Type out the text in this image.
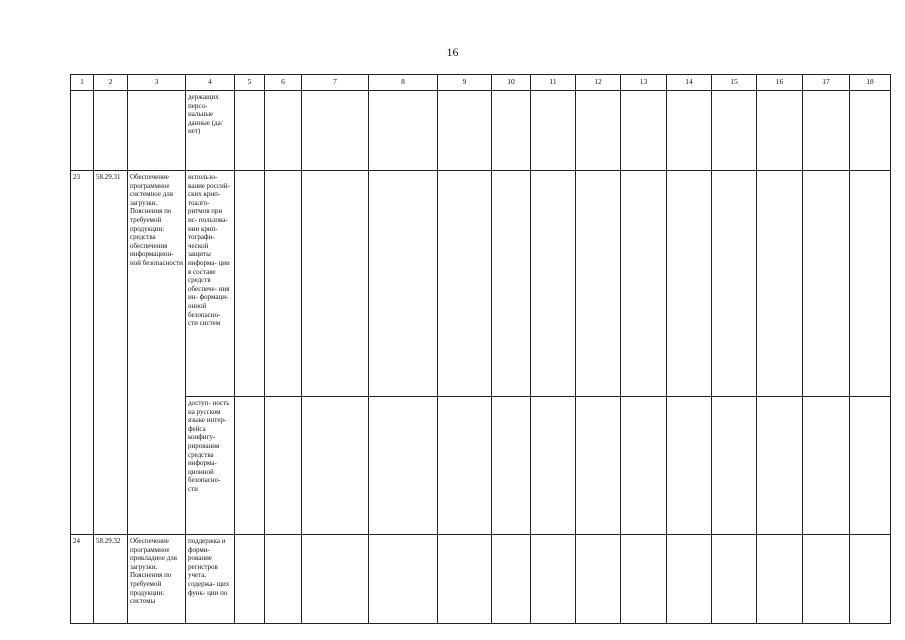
16
1	2	3	4	5	6	7	8	9	10	11	12	13	14	15	16	17	18
			держащих персо- нальные данные (да/нет)														
23	58.29.31	Обеспечение программное системное для загрузки. Пояснения по требуемой продукции: средства обеспечения информацион- ной безопасности	использо- вание россий- ских крип- тоалго- ритмов при ис- пользова- нии крип- тографи- ческой защиты информа- ции в составе средств обеспече- ния ин- формаци- онной безопасно- сти систем														
			доступ- ность на русском языке интер- фейса конфигу- рирования средства информа- ционной безопасно- сти														
24	58.29.32	Обеспечение программное прикладное для загрузки. Пояснения по требуемой продукции: системы	поддержка и форми- рование регистров учета, содержа- щих функ- ции по														
